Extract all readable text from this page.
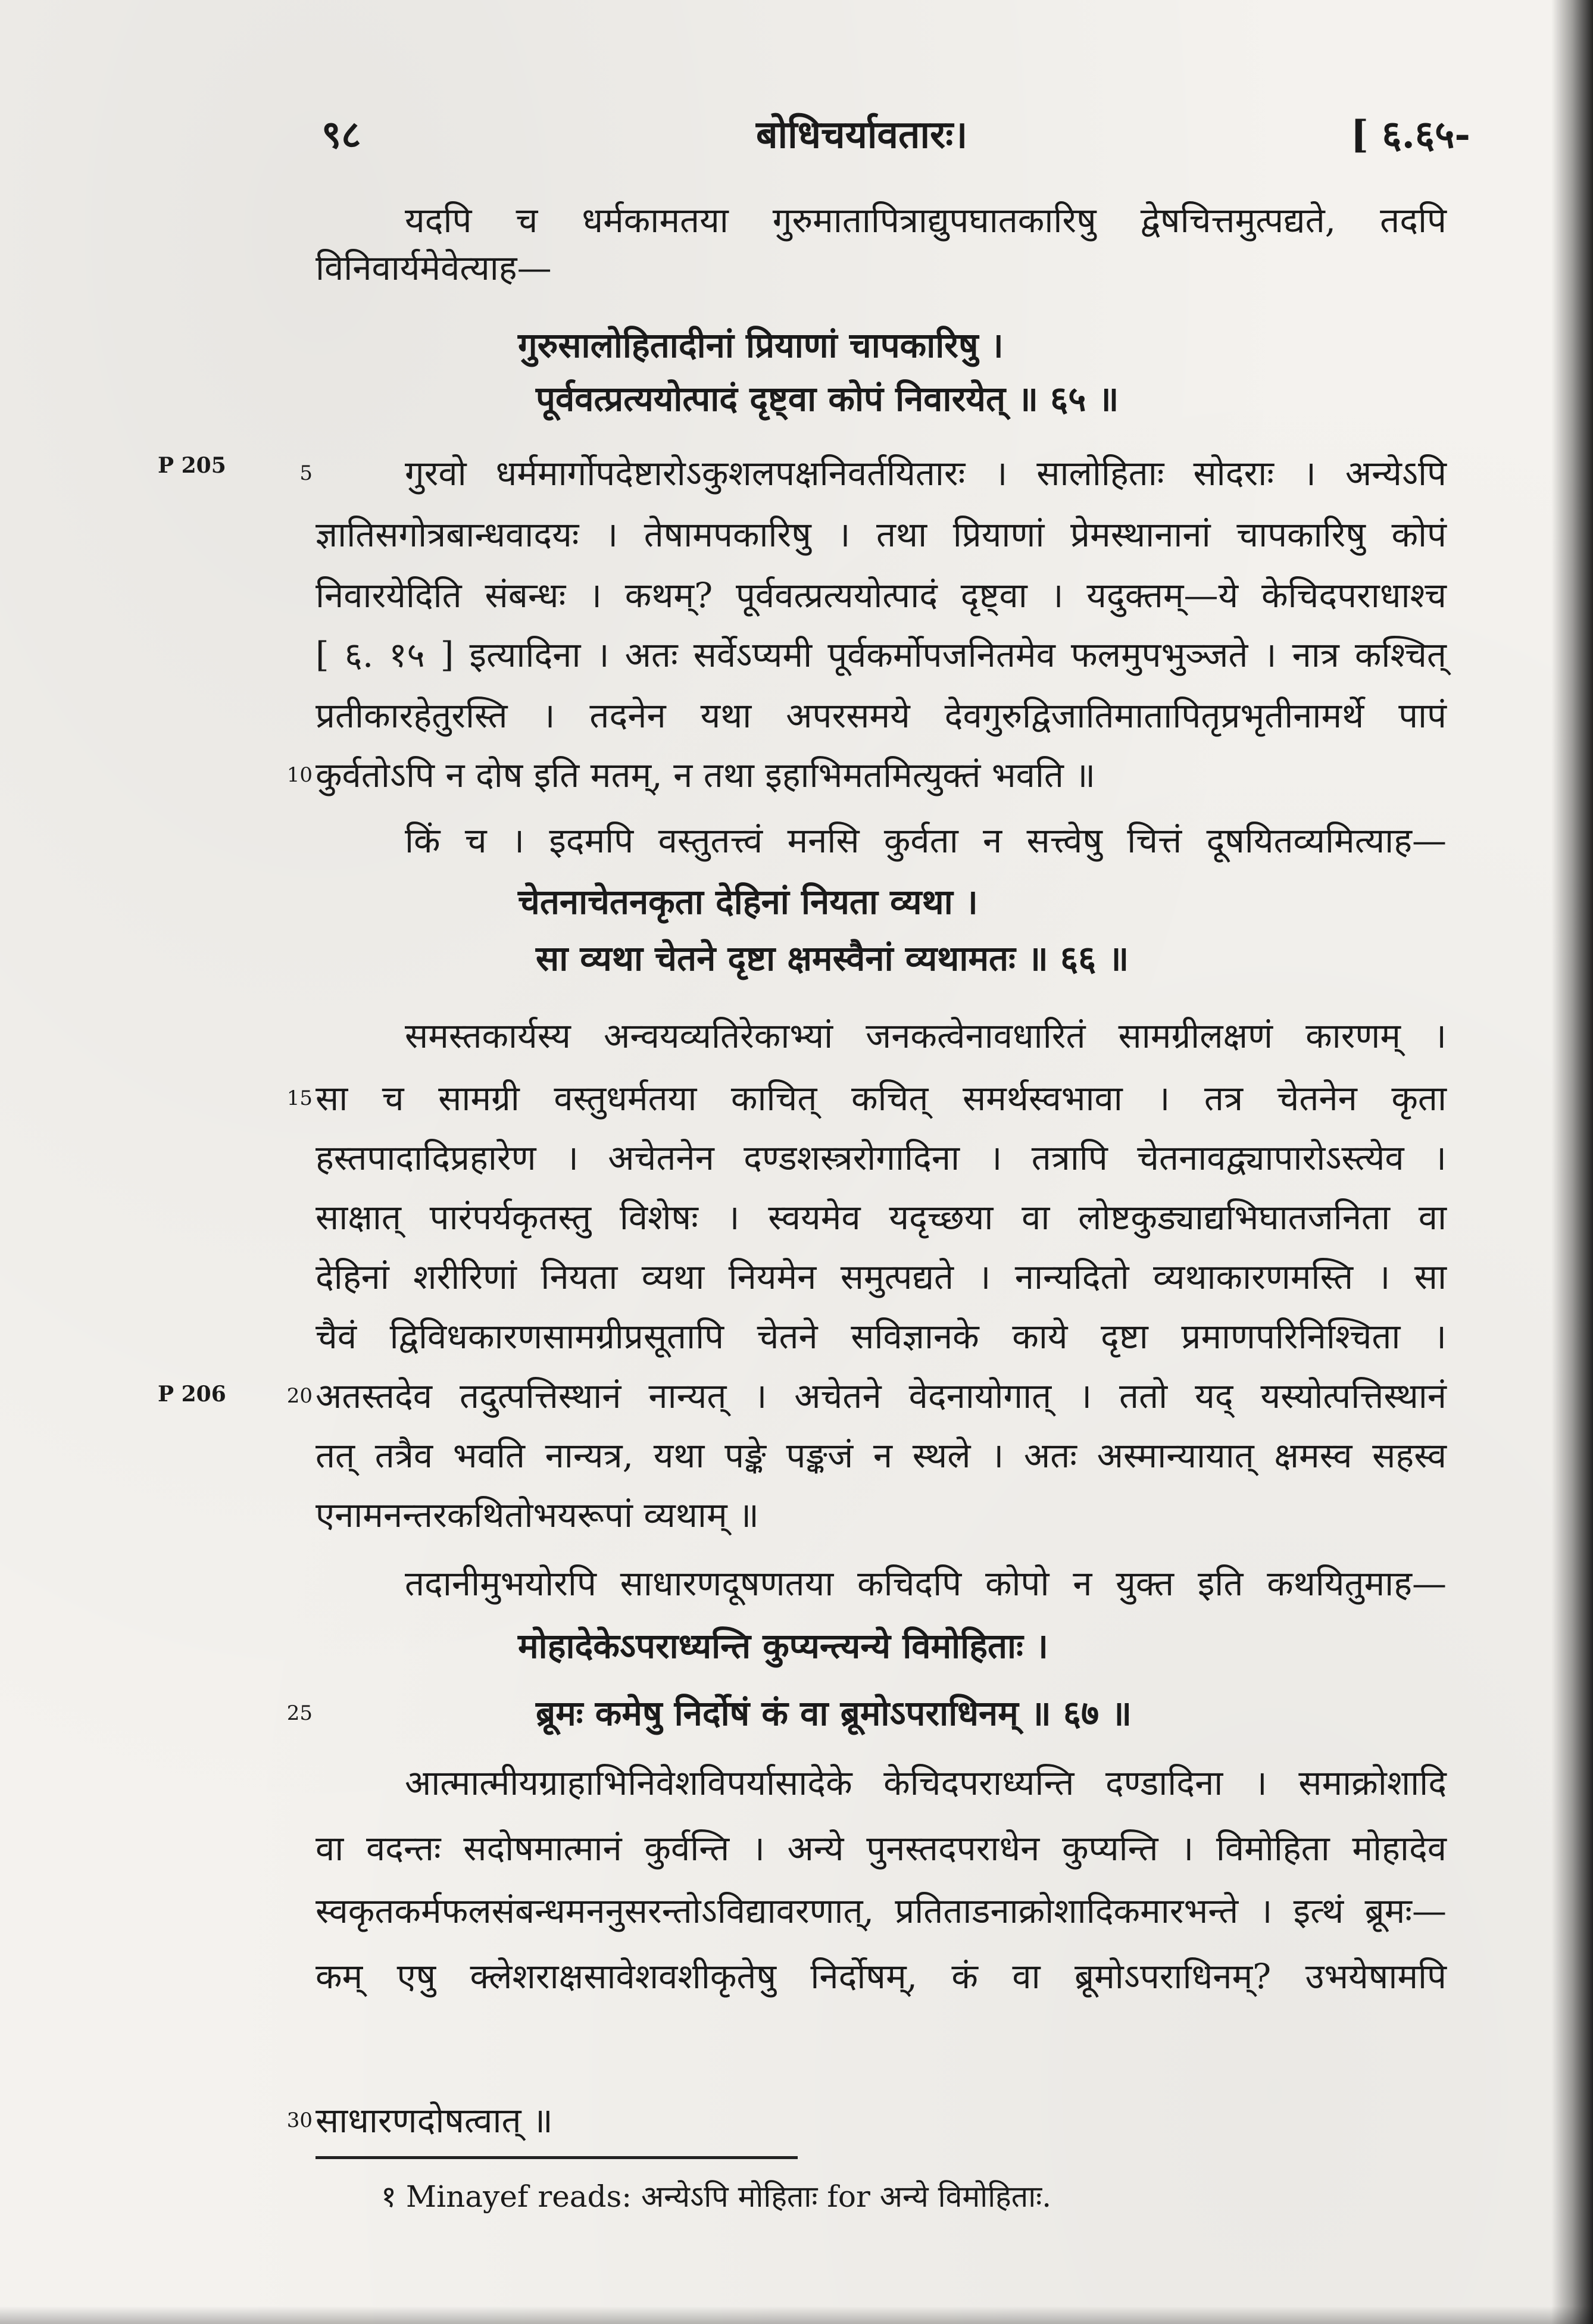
९८	बोधिचर्यावतारः।	[ ६.६५-
P 205
P 206
5
10
15
20
25
30
यदपि च धर्मकामतया गुरुमातापित्राद्युपघातकारिषु द्वेषचित्तमुत्पद्यते, तदपि
विनिवार्यमेवेत्याह—
गुरुसालोहितादीनां प्रियाणां चापकारिषु ।
पूर्ववत्प्रत्ययोत्पादं दृष्ट्वा कोपं निवारयेत् ॥ ६५ ॥
गुरवो धर्ममार्गोपदेष्टारोऽकुशलपक्षनिवर्तयितारः । सालोहिताः सोदराः । अन्येऽपि
ज्ञातिसगोत्रबान्धवादयः । तेषामपकारिषु । तथा प्रियाणां प्रेमस्थानानां चापकारिषु कोपं
निवारयेदिति संबन्धः । कथम्? पूर्ववत्प्रत्ययोत्पादं दृष्ट्वा । यदुक्तम्—ये केचिदपराधाश्च
[ ६. १५ ] इत्यादिना । अतः सर्वेऽप्यमी पूर्वकर्मोपजनितमेव फलमुपभुञ्जते । नात्र कश्चित्
प्रतीकारहेतुरस्ति । तदनेन यथा अपरसमये देवगुरुद्विजातिमातापितृप्रभृतीनामर्थे पापं
कुर्वतोऽपि न दोष इति मतम्, न तथा इहाभिमतमित्युक्तं भवति ॥
किं च । इदमपि वस्तुतत्त्वं मनसि कुर्वता न सत्त्वेषु चित्तं दूषयितव्यमित्याह—
चेतनाचेतनकृता देहिनां नियता व्यथा ।
सा व्यथा चेतने दृष्टा क्षमस्वैनां व्यथामतः ॥ ६६ ॥
समस्तकार्यस्य अन्वयव्यतिरेकाभ्यां जनकत्वेनावधारितं सामग्रीलक्षणं कारणम् ।
सा च सामग्री वस्तुधर्मतया काचित् कचित् समर्थस्वभावा । तत्र चेतनेन कृता
हस्तपादादिप्रहारेण । अचेतनेन दण्डशस्त्ररोगादिना । तत्रापि चेतनावद्व्यापारोऽस्त्येव ।
साक्षात् पारंपर्यकृतस्तु विशेषः । स्वयमेव यदृच्छया वा लोष्टकुड्याद्यभिघातजनिता वा
देहिनां शरीरिणां नियता व्यथा नियमेन समुत्पद्यते । नान्यदितो व्यथाकारणमस्ति । सा
चैवं द्विविधकारणसामग्रीप्रसूतापि चेतने सविज्ञानके काये दृष्टा प्रमाणपरिनिश्चिता ।
अतस्तदेव तदुत्पत्तिस्थानं नान्यत् । अचेतने वेदनायोगात् । ततो यद् यस्योत्पत्तिस्थानं
तत् तत्रैव भवति नान्यत्र, यथा पङ्के पङ्कजं न स्थले । अतः अस्मान्यायात् क्षमस्व सहस्व
एनामनन्तरकथितोभयरूपां व्यथाम् ॥
तदानीमुभयोरपि साधारणदूषणतया कचिदपि कोपो न युक्त इति कथयितुमाह—
मोहादेकेऽपराध्यन्ति कुप्यन्त्यन्ये विमोहिताः ।
ब्रूमः कमेषु निर्दोषं कं वा ब्रूमोऽपराधिनम् ॥ ६७ ॥
आत्मात्मीयग्राहाभिनिवेशविपर्यासादेके केचिदपराध्यन्ति दण्डादिना । समाक्रोशादि
वा वदन्तः सदोषमात्मानं कुर्वन्ति । अन्ये पुनस्तदपराधेन कुप्यन्ति । विमोहिता मोहादेव
स्वकृतकर्मफलसंबन्धमननुसरन्तोऽविद्यावरणात्, प्रतिताडनाक्रोशादिकमारभन्ते । इत्थं ब्रूमः—
कम् एषु क्लेशराक्षसावेशवशीकृतेषु निर्दोषम्, कं वा ब्रूमोऽपराधिनम्? उभयेषामपि
साधारणदोषत्वात् ॥
१ Minayef reads: अन्येऽपि मोहिताः for अन्ये विमोहिताः.
